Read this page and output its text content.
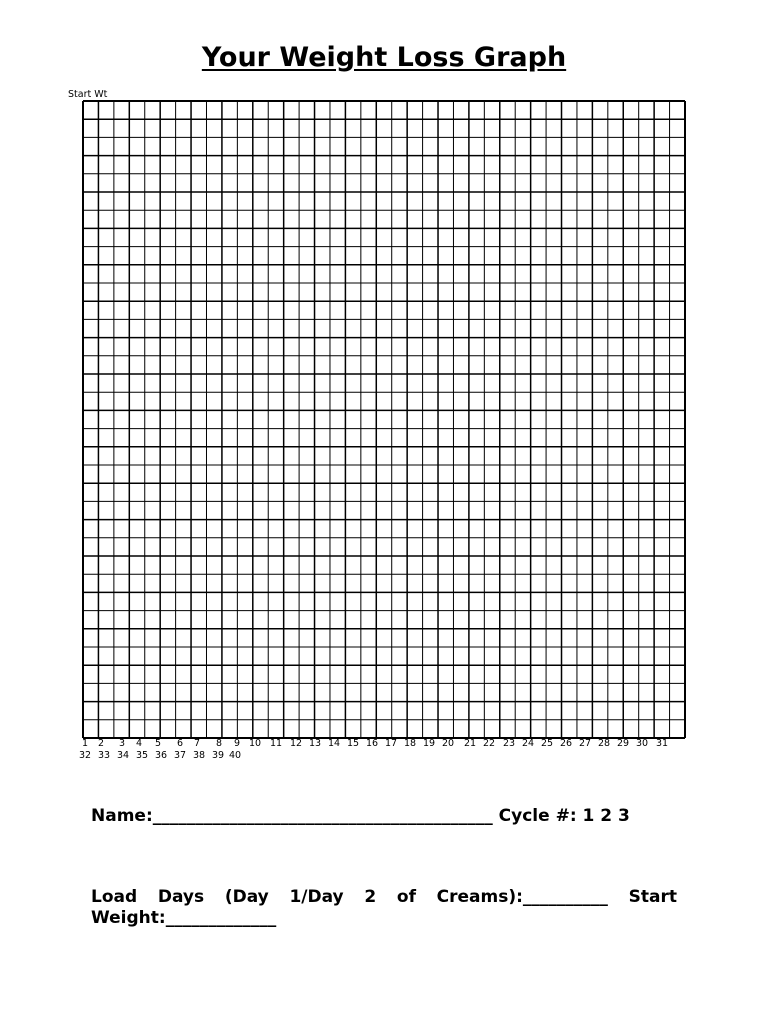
Your Weight Loss Graph
Start Wt
1 2 3 4 5 6 7 8 9 10 11 12 13 14 15 16 17 18 19 20 21 22 23 24 25 26 27 28 29 30 31
32 33 34 35 36 37 38 39 40
Name:________________________________________ Cycle #: 1 2 3
Load Days (Day 1/Day 2 of Creams):__________ Start Weight:_____________
